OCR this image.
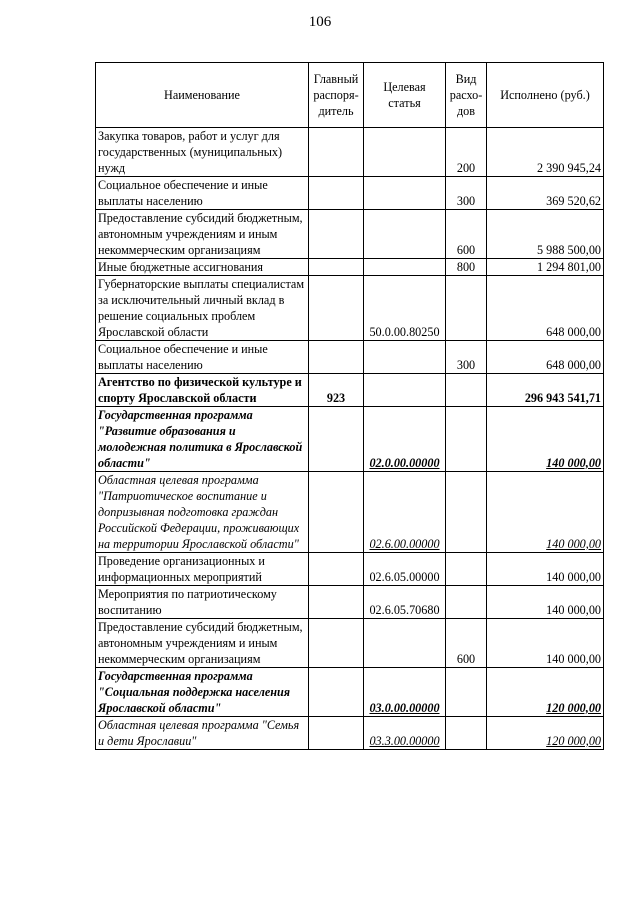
106
Наименование	Главный распоря-дитель	Целевая статья	Вид расхо-дов	Исполнено (руб.)
Закупка товаров, работ и услуг для государственных (муниципальных) нужд			200	2 390 945,24
Социальное обеспечение и иные выплаты населению			300	369 520,62
Предоставление субсидий бюджетным, автономным учреждениям и иным некоммерческим организациям			600	5 988 500,00
Иные бюджетные ассигнования			800	1 294 801,00
Губернаторские выплаты специалистам за исключительный личный вклад в решение социальных проблем Ярославской области		50.0.00.80250		648 000,00
Социальное обеспечение и иные выплаты населению			300	648 000,00
Агентство по физической культуре и спорту Ярославской области	923			296 943 541,71
Государственная программа "Развитие образования и молодежная политика в Ярославской области"		02.0.00.00000		140 000,00
Областная целевая программа "Патриотическое воспитание и допризывная подготовка граждан Российской Федерации, проживающих на территории Ярославской области"		02.6.00.00000		140 000,00
Проведение организационных и информационных мероприятий		02.6.05.00000		140 000,00
Мероприятия по патриотическому воспитанию		02.6.05.70680		140 000,00
Предоставление субсидий бюджетным, автономным учреждениям и иным некоммерческим организациям			600	140 000,00
Государственная программа "Социальная поддержка населения Ярославской области"		03.0.00.00000		120 000,00
Областная целевая программа "Семья и дети Ярославии"		03.3.00.00000		120 000,00
